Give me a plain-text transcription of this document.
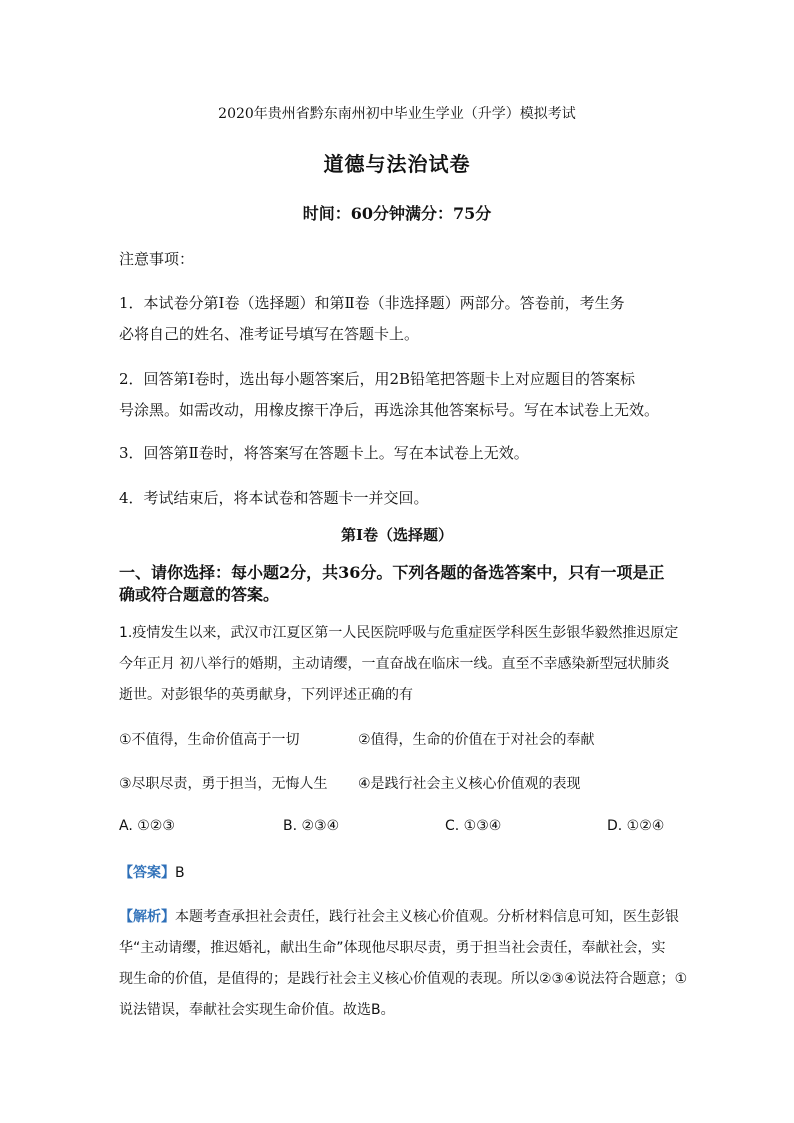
2020年贵州省黔东南州初中毕业生学业（升学）模拟考试
道德与法治试卷
时间：60分钟满分：75分
注意事项：
1．本试卷分第Ⅰ卷（选择题）和第Ⅱ卷（非选择题）两部分。答卷前，考生务
必将自己的姓名、准考证号填写在答题卡上。
2．回答第Ⅰ卷时，选出每小题答案后，用2B铅笔把答题卡上对应题目的答案标
号涂黑。如需改动，用橡皮擦干净后，再选涂其他答案标号。写在本试卷上无效。
3．回答第Ⅱ卷时，将答案写在答题卡上。写在本试卷上无效。
4．考试结束后，将本试卷和答题卡一并交回。
第Ⅰ卷（选择题）
一、请你选择：每小题2分，共36分。下列各题的备选答案中，只有一项是正
确或符合题意的答案。
1.疫情发生以来，武汉市江夏区第一人民医院呼吸与危重症医学科医生彭银华毅然推迟原定
今年正月 初八举行的婚期，主动请缨，一直奋战在临床一线。直至不幸感染新型冠状肺炎
逝世。对彭银华的英勇献身，下列评述正确的有
①不值得，生命价值高于一切	②值得，生命的价值在于对社会的奉献
③尽职尽责，勇于担当，无悔人生 ④是践行社会主义核心价值观的表现
A. ①②③	B. ②③④	C. ①③④	D. ①②④
【答案】B
【解析】本题考查承担社会责任，践行社会主义核心价值观。分析材料信息可知，医生彭银
华“主动请缨，推迟婚礼，献出生命”体现他尽职尽责，勇于担当社会责任，奉献社会，实
现生命的价值，是值得的；是践行社会主义核心价值观的表现。所以②③④说法符合题意；①
说法错误，奉献社会实现生命价值。故选B。
